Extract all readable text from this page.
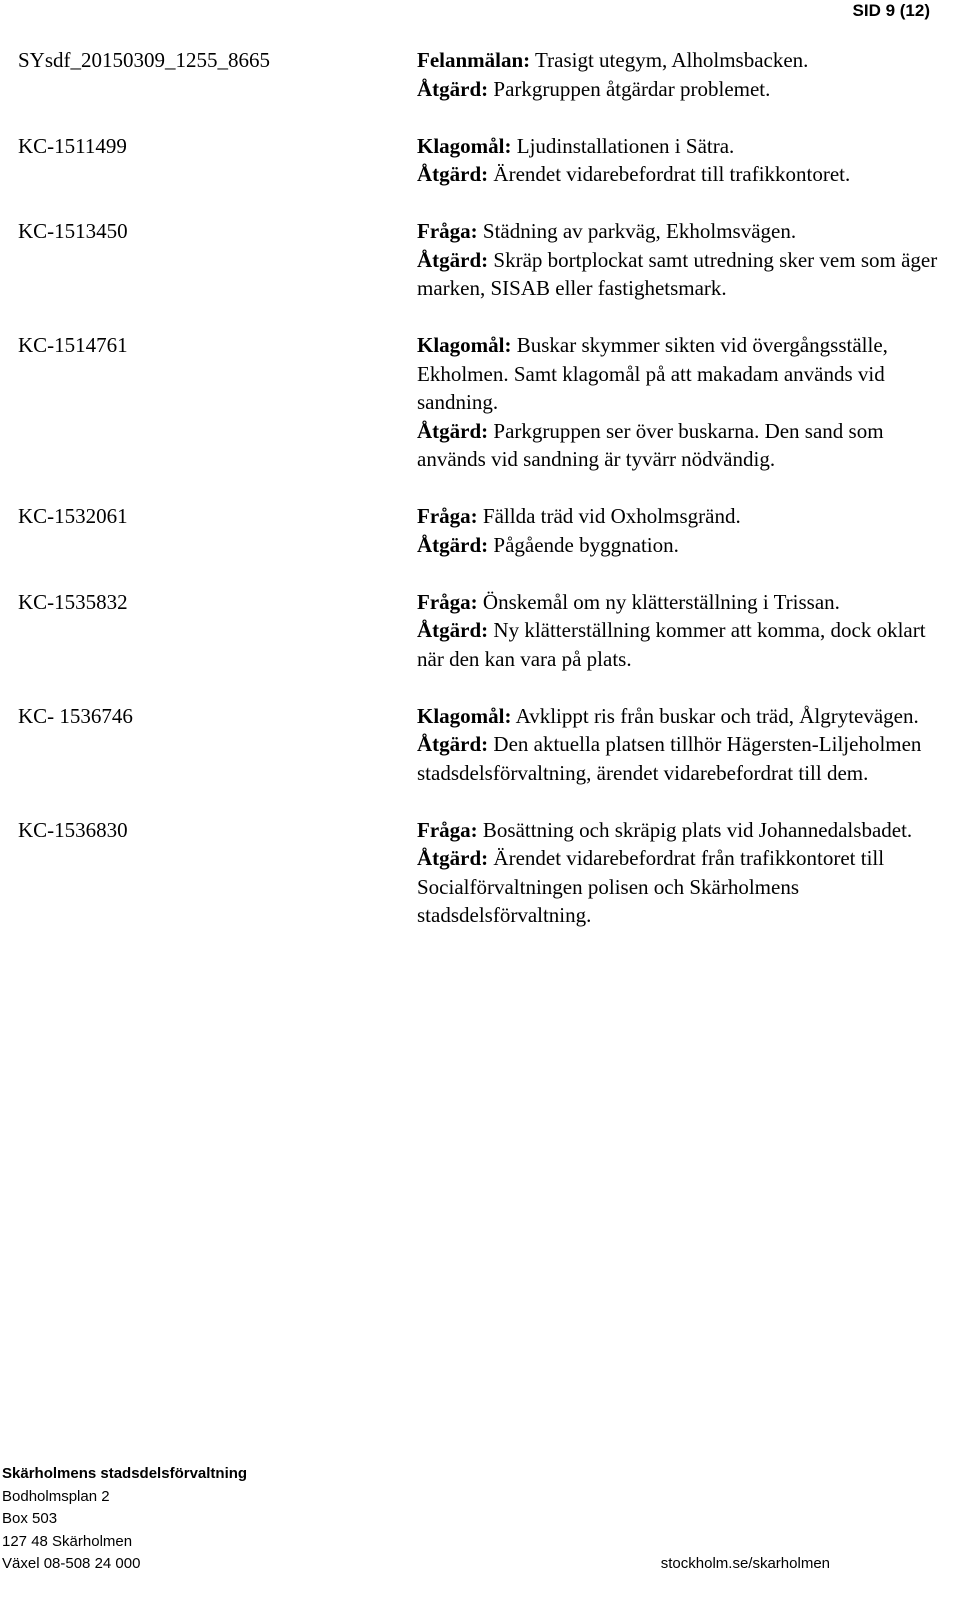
SID 9 (12)
SYsdf_20150309_1255_8665	Felanmälan: Trasigt utegym, Alholmsbacken.

Åtgärd: Parkgruppen åtgärdar problemet.

KC-1511499	Klagomål: Ljudinstallationen i Sätra.

Åtgärd: Ärendet vidarebefordrat till trafikkontoret.

KC-1513450	Fråga: Städning av parkväg, Ekholmsvägen.

Åtgärd: Skräp bortplockat samt utredning sker vem som äger marken, SISAB eller fastighetsmark.

KC-1514761	Klagomål: Buskar skymmer sikten vid övergångsställe, Ekholmen. Samt klagomål på att makadam används vid sandning.

Åtgärd: Parkgruppen ser över buskarna. Den sand som används vid sandning är tyvärr nödvändig.

KC-1532061	Fråga: Fällda träd vid Oxholmsgränd.

Åtgärd: Pågående byggnation.

KC-1535832	Fråga: Önskemål om ny klätterställning i Trissan.

Åtgärd: Ny klätterställning kommer att komma, dock oklart när den kan vara på plats.

KC- 1536746	Klagomål: Avklippt ris från buskar och träd, Ålgrytevägen.

Åtgärd: Den aktuella platsen tillhör Hägersten-Liljeholmen stadsdelsförvaltning, ärendet vidarebefordrat till dem.

KC-1536830	Fråga: Bosättning och skräpig plats vid Johannedalsbadet.

Åtgärd: Ärendet vidarebefordrat från trafikkontoret till Socialförvaltningen polisen och Skärholmens stadsdelsförvaltning.

Skärholmens stadsdelsförvaltning
Bodholmsplan 2
Box 503
127 48 Skärholmen
Växel 08-508 24 000	stockholm.se/skarholmen
